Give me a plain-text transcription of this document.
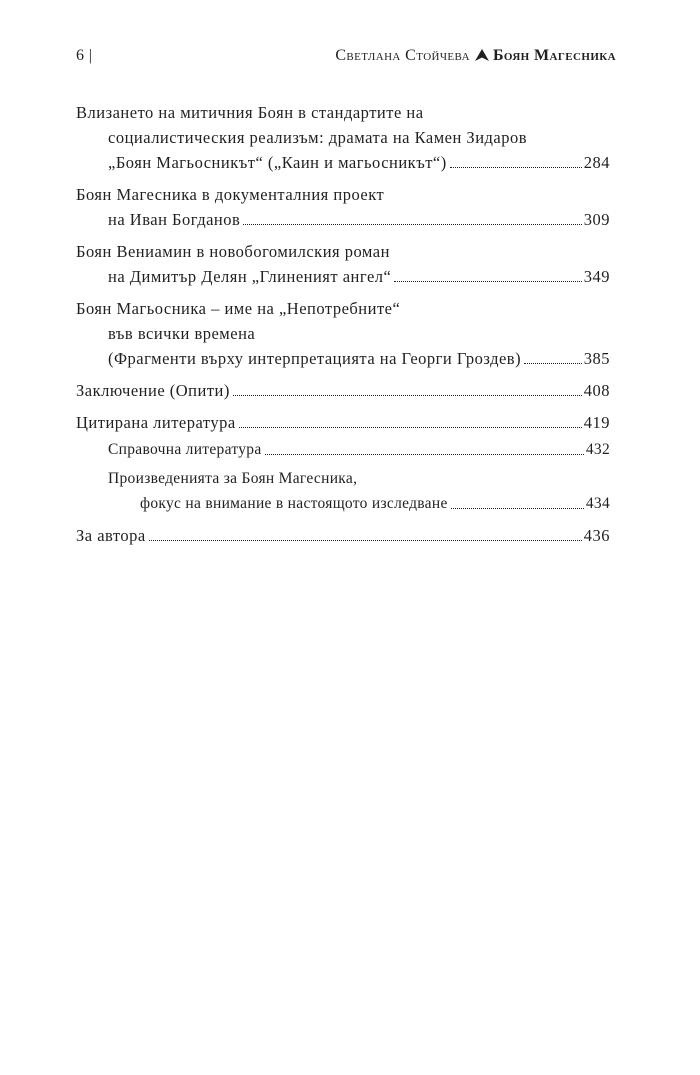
6 |	Светлана Стойчева Боян Магесника
Влизането на митичния Боян в стандартите на
социалистическия реализъм: драмата на Камен Зидаров
„Боян Магьосникът“ („Каин и магьосникът“)	284
Боян Магесника в документалния проект
на Иван Богданов	309
Боян Вениамин в новобогомилския роман
на Димитър Делян „Глиненият ангел“	349
Боян Магьосника – име на „Непотребните“
във всички времена
(Фрагменти върху интерпретацията на Георги Гроздев)	385
Заключение (Опити)	408
Цитирана литература	419
Справочна литература	432
Произведенията за Боян Магесника,
фокус на внимание в настоящото изследване	434
За автора	436
